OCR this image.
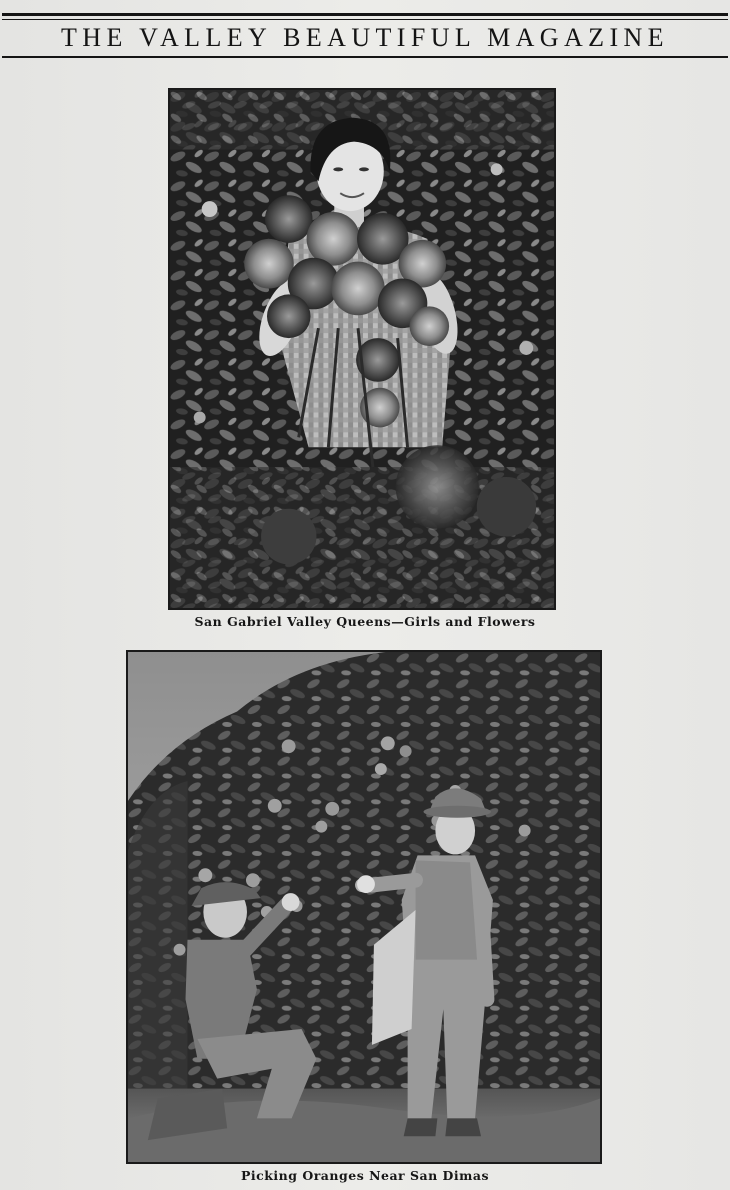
THE VALLEY BEAUTIFUL MAGAZINE
San Gabriel Valley Queens—Girls and Flowers
Picking Oranges Near San Dimas
